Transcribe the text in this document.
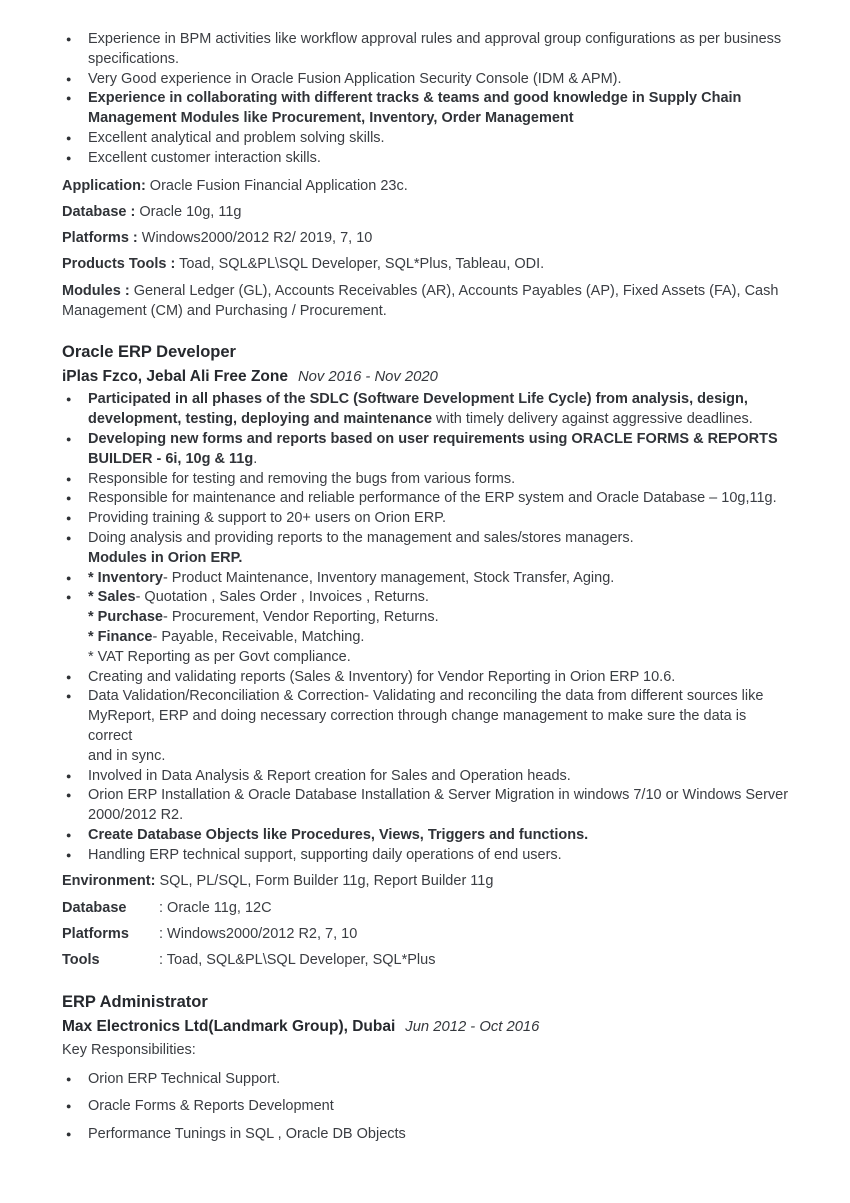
●	Experience in BPM activities like workflow approval rules and approval group configurations as per business specifications.
●	Very Good experience in Oracle Fusion Application Security Console (IDM & APM).
●	Experience in collaborating with different tracks & teams and good knowledge in Supply Chain Management Modules like Procurement, Inventory, Order Management
●	Excellent analytical and problem solving skills.
●	Excellent customer interaction skills.
Application: Oracle Fusion Financial Application 23c.
Database : Oracle 10g, 11g
Platforms : Windows2000/2012 R2/ 2019, 7, 10
Products Tools : Toad, SQL&PL\SQL Developer, SQL*Plus, Tableau, ODI.
Modules : General Ledger (GL), Accounts Receivables (AR), Accounts Payables (AP), Fixed Assets (FA), Cash Management (CM) and Purchasing / Procurement.
Oracle ERP Developer
iPlas Fzco, Jebal Ali Free Zone Nov 2016 - Nov 2020
●	Participated in all phases of the SDLC (Software Development Life Cycle) from analysis, design, development, testing, deploying and maintenance with timely delivery against aggressive deadlines.
●	Developing new forms and reports based on user requirements using ORACLE FORMS & REPORTS BUILDER - 6i, 10g & 11g.
●	Responsible for testing and removing the bugs from various forms.
●	Responsible for maintenance and reliable performance of the ERP system and Oracle Database – 10g,11g.
●	Providing training & support to 20+ users on Orion ERP.
●	Doing analysis and providing reports to the management and sales/stores managers.
Modules in Orion ERP.
●	* Inventory- Product Maintenance, Inventory management, Stock Transfer, Aging.
●	* Sales- Quotation , Sales Order , Invoices , Returns.
* Purchase- Procurement, Vendor Reporting, Returns.
* Finance- Payable, Receivable, Matching.
* VAT Reporting as per Govt compliance.
●	Creating and validating reports (Sales & Inventory) for Vendor Reporting in Orion ERP 10.6.
●	Data Validation/Reconciliation & Correction- Validating and reconciling the data from different sources like MyReport, ERP and doing necessary correction through change management to make sure the data is correct
and in sync.
●	Involved in Data Analysis & Report creation for Sales and Operation heads.
●	Orion ERP Installation & Oracle Database Installation & Server Migration in windows 7/10 or Windows Server 2000/2012 R2.
●	Create Database Objects like Procedures, Views, Triggers and functions.
●	Handling ERP technical support, supporting daily operations of end users.
Environment: SQL, PL/SQL, Form Builder 11g, Report Builder 11g
Database : Oracle 11g, 12C
Platforms : Windows2000/2012 R2, 7, 10
Tools	: Toad, SQL&PL\SQL Developer, SQL*Plus
ERP Administrator
Max Electronics Ltd(Landmark Group), Dubai Jun 2012 - Oct 2016
Key Responsibilities:
●	Orion ERP Technical Support.
●	Oracle Forms & Reports Development
●	Performance Tunings in SQL , Oracle DB Objects
